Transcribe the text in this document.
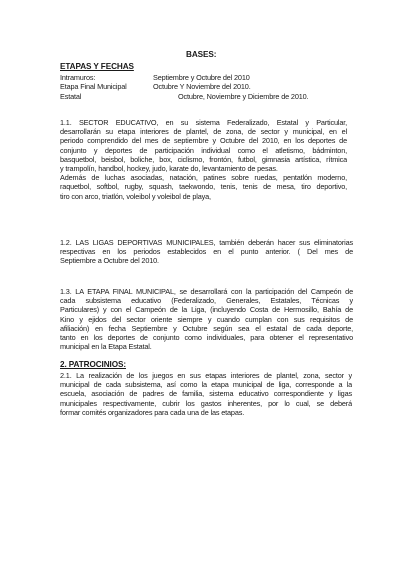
BASES:
ETAPAS Y FECHAS
Intramuros:	Septiembre y Octubre del 2010
Etapa Final Municipal	Octubre Y Noviembre del 2010.
Estatal	Octubre, Noviembre y Diciembre de 2010.
1.1. SECTOR EDUCATIVO, en su sistema Federalizado, Estatal y Particular,
desarrollarán su etapa interiores de plantel, de zona, de sector y municipal, en el
periodo comprendido del mes de septiembre y Octubre del 2010, en los deportes de
conjunto y deportes de participación individual como el atletismo, bádminton,
basquetbol, beisbol, boliche, box, ciclismo, frontón, futbol, gimnasia artística, rítmica
y trampolín, handbol, hockey, judo, karate do, levantamiento de pesas.
Además de luchas asociadas, natación, patines sobre ruedas, pentatlón moderno,
raquetbol, softbol, rugby, squash, taekwondo, tenis, tenis de mesa, tiro deportivo,
tiro con arco, triatlón, voleibol y voleibol de playa,
1.2. LAS LIGAS DEPORTIVAS MUNICIPALES, también deberán hacer sus eliminatorias
respectivas en los periodos establecidos en el punto anterior. ( Del mes de
Septiembre a Octubre del 2010.
1.3. LA ETAPA FINAL MUNICIPAL, se desarrollará con la participación del Campeón de
cada subsistema educativo (Federalizado, Generales, Estatales, Técnicas y
Particulares) y con el Campeón de la Liga, (incluyendo Costa de Hermosillo, Bahía de
Kino y ejidos del sector oriente siempre y cuando cumplan con sus requisitos de
afiliación) en fecha Septiembre y Octubre según sea el estatal de cada deporte,
tanto en los deportes de conjunto como individuales, para obtener el representativo
municipal en la Etapa Estatal.
2. PATROCINIOS:
2.1. La realización de los juegos en sus etapas interiores de plantel, zona, sector y
municipal de cada subsistema, así como la etapa municipal de liga, corresponde a la
escuela, asociación de padres de familia, sistema educativo correspondiente y ligas
municipales respectivamente, cubrir los gastos inherentes, por lo cual, se deberá
formar comités organizadores para cada una de las etapas.
